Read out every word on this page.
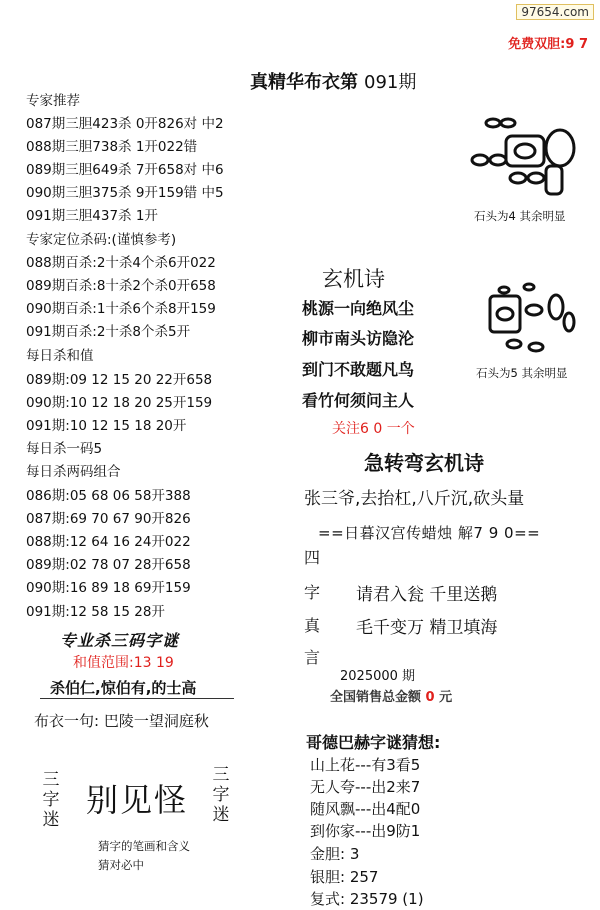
97654.com
免费双胆:9 7
真精华布衣第 091期
专家推荐
087期三胆423杀 0开826对 中2
088期三胆738杀 1开022错
089期三胆649杀 7开658对 中6
090期三胆375杀 9开159错 中5
091期三胆437杀 1开
专家定位杀码:(谨慎参考)
088期百杀:2十杀4个杀6开022
089期百杀:8十杀2个杀0开658
090期百杀:1十杀6个杀8开159
091期百杀:2十杀8个杀5开
每日杀和值
089期:09 12 15 20 22开658
090期:10 12 18 20 25开159
091期:10 12 15 18 20开
每日杀一码5
每日杀两码组合
086期:05 68 06 58开388
087期:69 70 67 90开826
088期:12 64 16 24开022
089期:02 78 07 28开658
090期:16 89 18 69开159
091期:12 58 15 28开
专业杀三码字谜
和值范围:13 19
杀伯仁,惊伯有,的士高
布衣一句: 巴陵一望洞庭秋
三字迷
别见怪
三字迷
猜字的笔画和含义
猜对必中
石头为4 其余明显
石头为5 其余明显
玄机诗
桃源一向绝风尘
柳市南头访隐沦
到门不敢题凡鸟
看竹何须问主人
关注6 0 一个
急转弯玄机诗
张三爷,去抬杠,八斤沉,砍头量
==日暮汉宫传蜡烛 解7 9 0==
四
字
真
言
请君入瓮 千里送鹅
毛千变万 精卫填海
2025000 期
全国销售总金额 0 元
哥德巴赫字谜猜想:
山上花---有3看5
无人夸---出2来7
随风飘---出4配0
到你家---出9防1
金胆: 3
银胆: 257
复式: 23579 (1)
